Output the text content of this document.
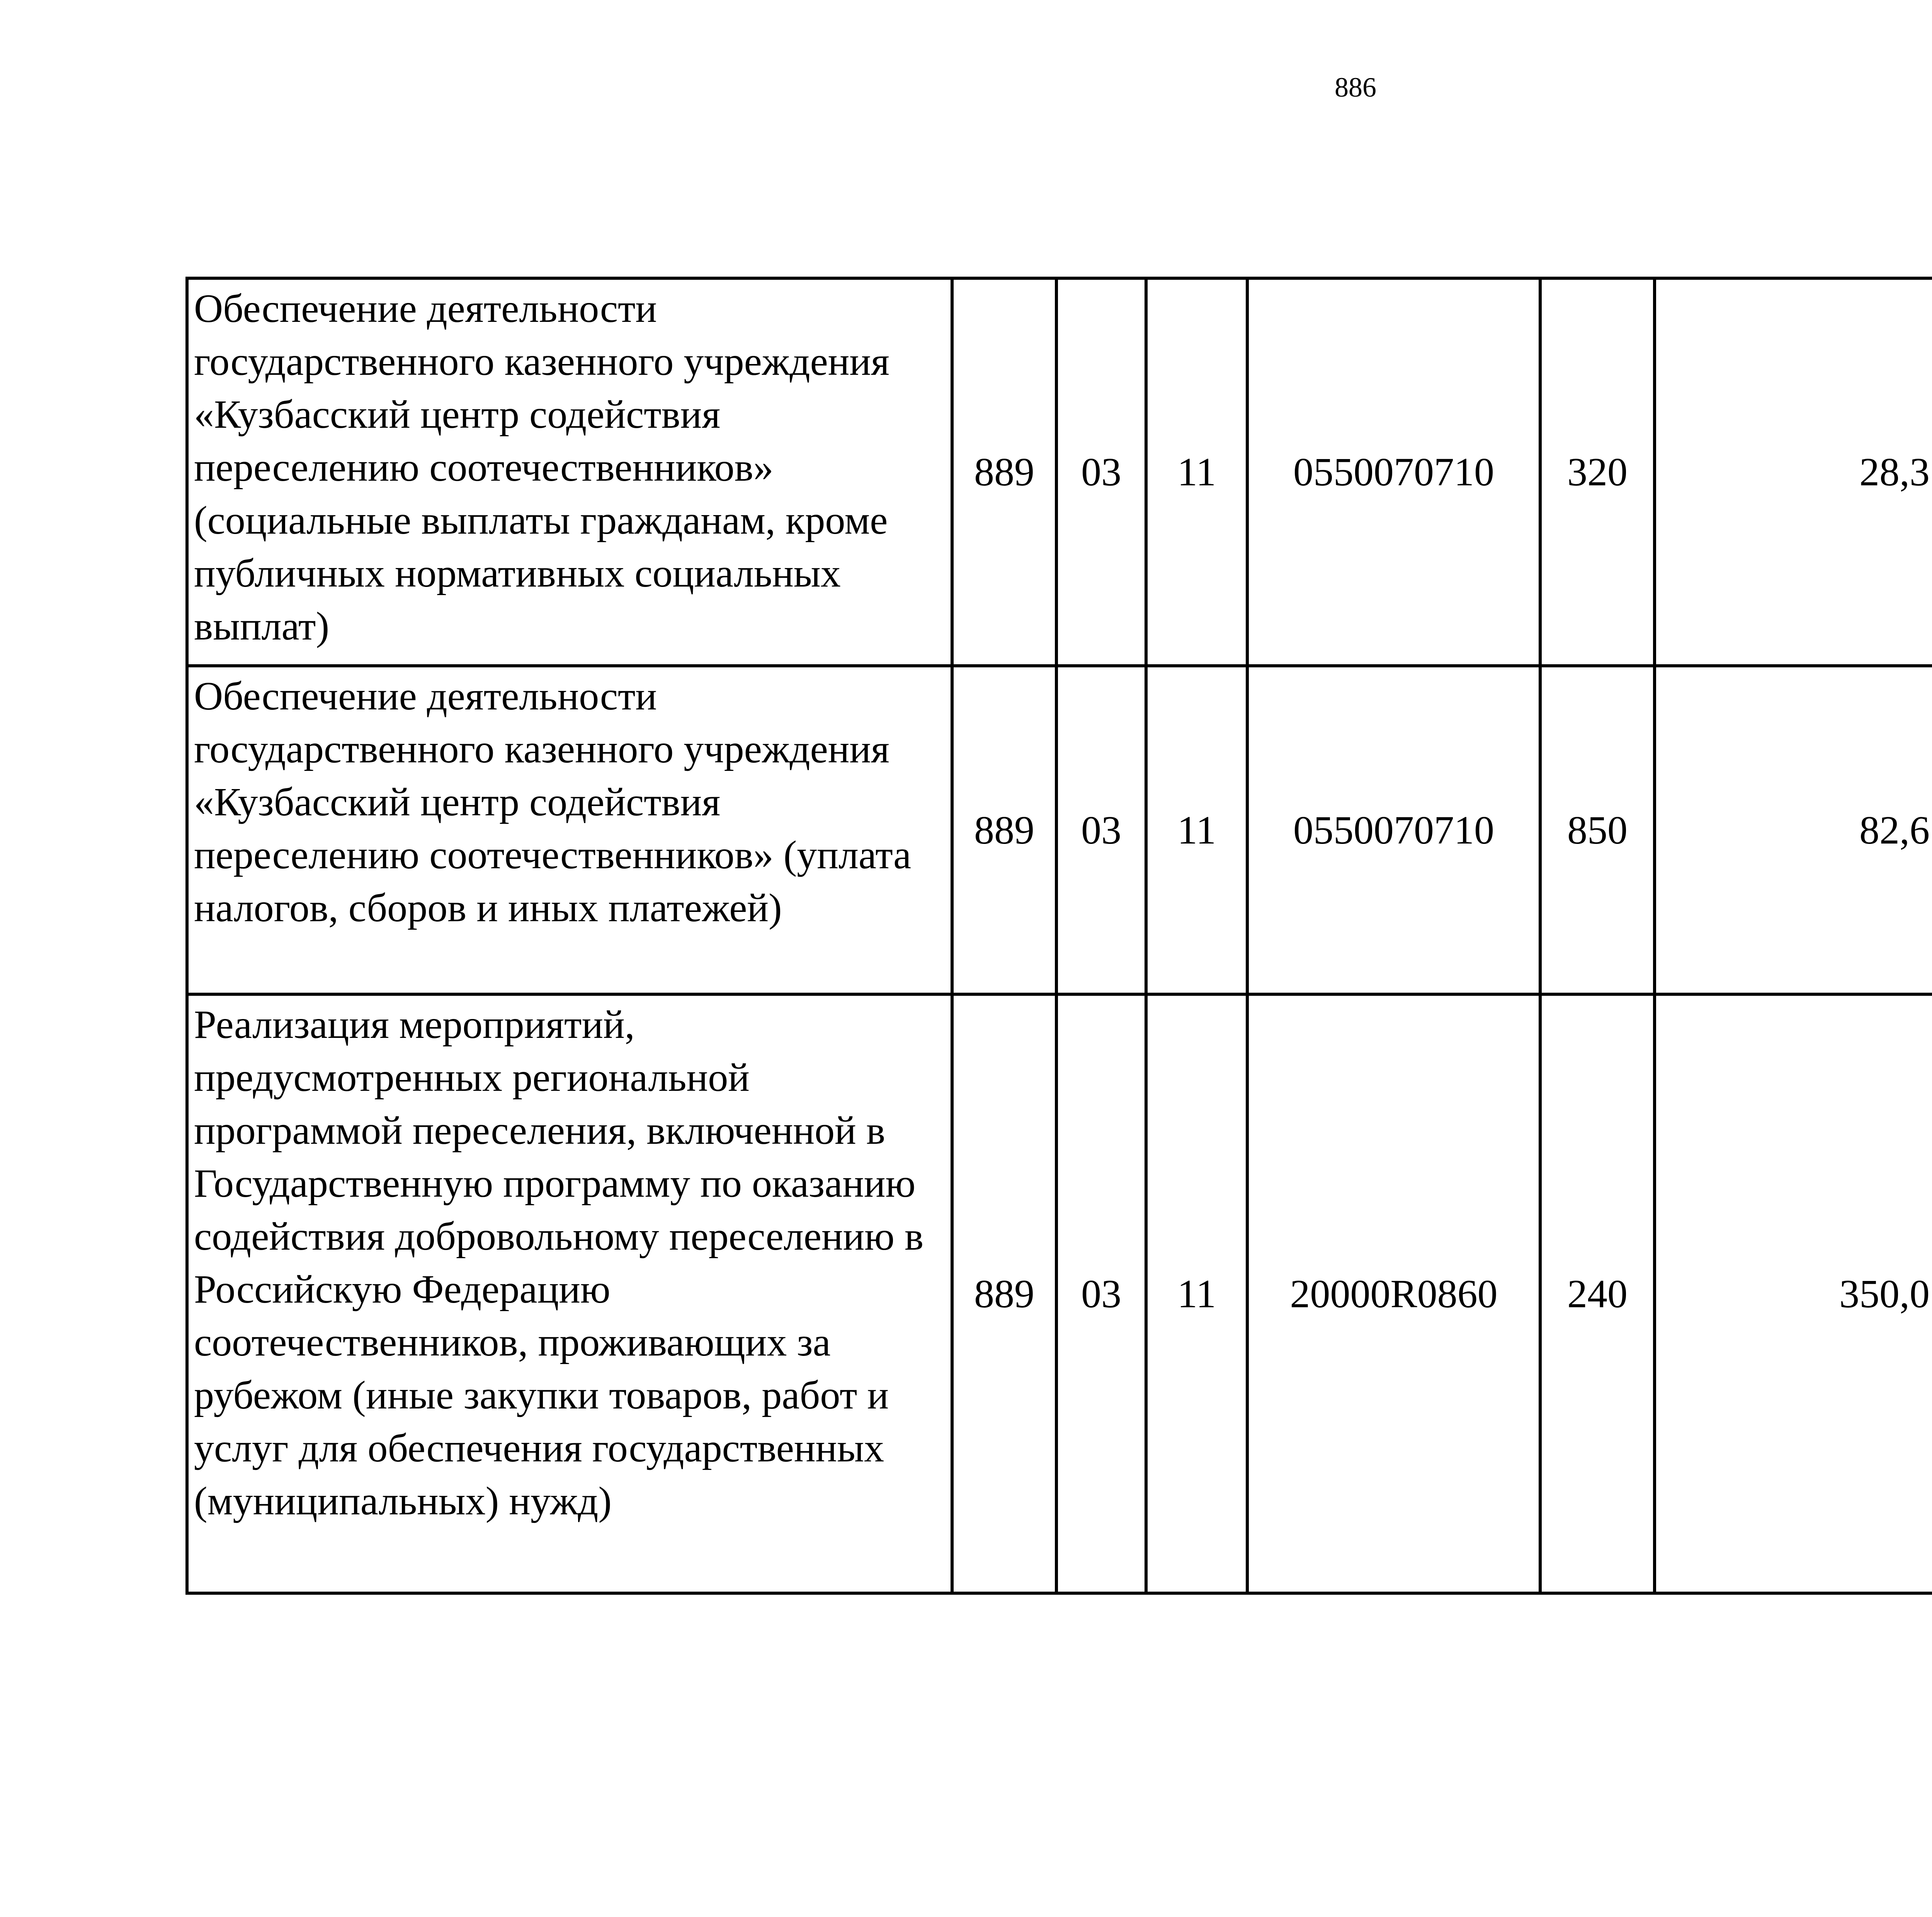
886
Обеспечение деятельности государственного казенного учреждения «Кузбасский центр содействия переселению соотечественников» (социальные выплаты гражданам, кроме публичных нормативных социальных выплат)	889	03	11	0550070710	320	28,3		
Обеспечение деятельности государственного казенного учреждения «Кузбасский центр содействия переселению соотечественников» (уплата налогов, сборов и иных платежей)	889	03	11	0550070710	850	82,6		
Реализация мероприятий, предусмотренных региональной программой переселения, включенной в Государственную программу по оказанию содействия добровольному переселению в Российскую Федерацию соотечественников, проживающих за рубежом (иные закупки товаров, работ и услуг для обеспечения государственных (муниципальных) нужд)	889	03	11	20000R0860	240	350,0		
